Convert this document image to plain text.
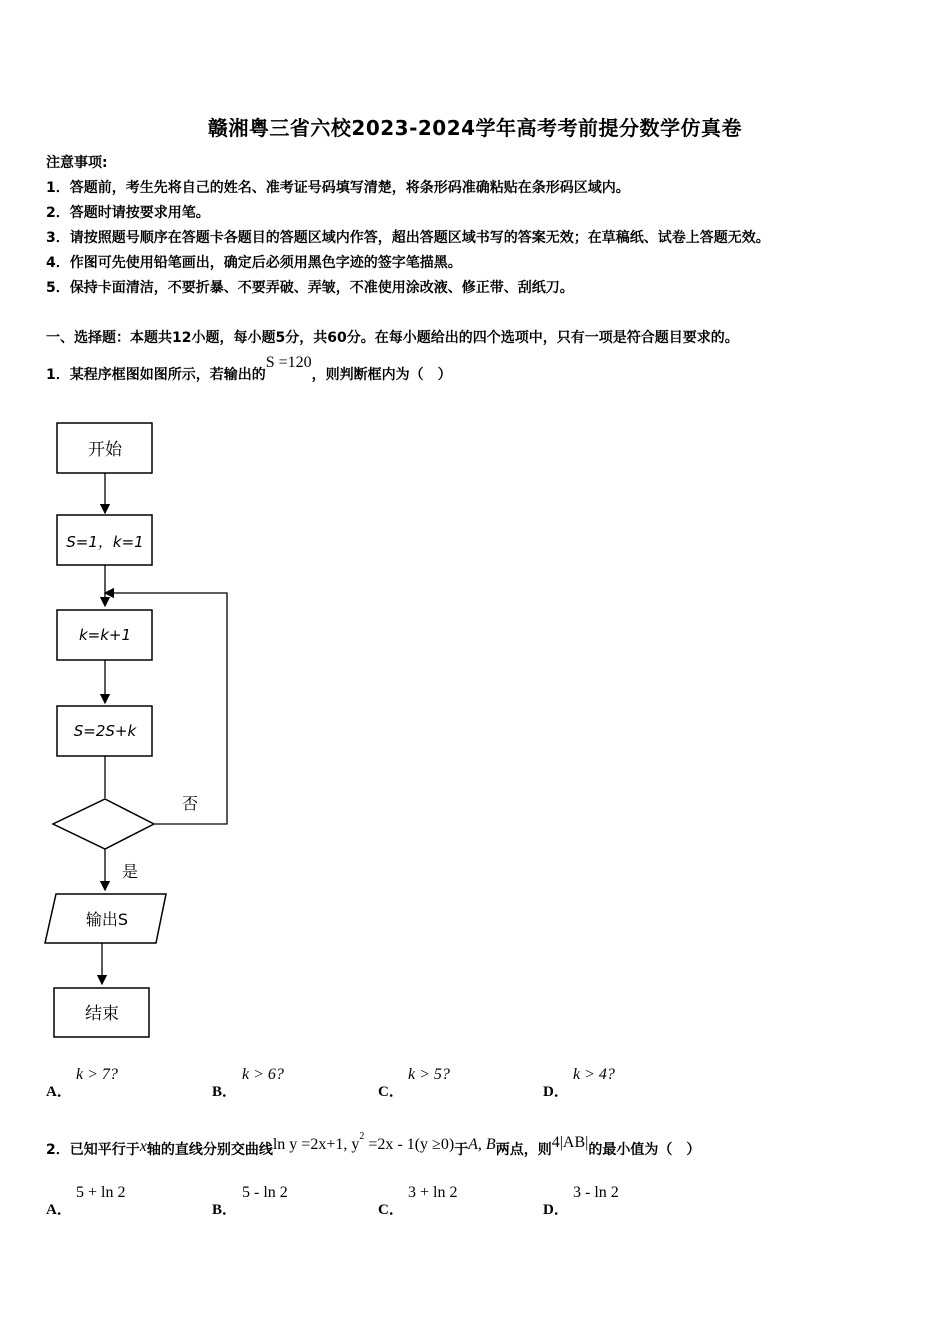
赣湘粤三省六校2023-2024学年高考考前提分数学仿真卷
注意事项:
1．答题前，考生先将自己的姓名、准考证号码填写清楚，将条形码准确粘贴在条形码区域内。
2．答题时请按要求用笔。
3．请按照题号顺序在答题卡各题目的答题区域内作答，超出答题区域书写的答案无效；在草稿纸、试卷上答题无效。
4．作图可先使用铅笔画出，确定后必须用黑色字迹的签字笔描黑。
5．保持卡面清洁，不要折暴、不要弄破、弄皱，不准使用涂改液、修正带、刮纸刀。
一、选择题：本题共12小题，每小题5分，共60分。在每小题给出的四个选项中，只有一项是符合题目要求的。
1．某程序框图如图所示，若输出的S =120，则判断框内为（　）
开始
S=1，k=1
k=k+1
S=2S+k
否
是
输出S
结束
A．
k > 7?
B．
k > 6?
C．
k > 5?
D．
k > 4?
2．已知平行于x轴的直线分别交曲线ln y =2x+1, $y^2 =2x - 1(y \ge 0)$于A, B两点，则4|AB|的最小值为（　）
A．
5 + ln 2
B．
5 - ln 2
C．
3 + ln 2
D．
3 - ln 2
